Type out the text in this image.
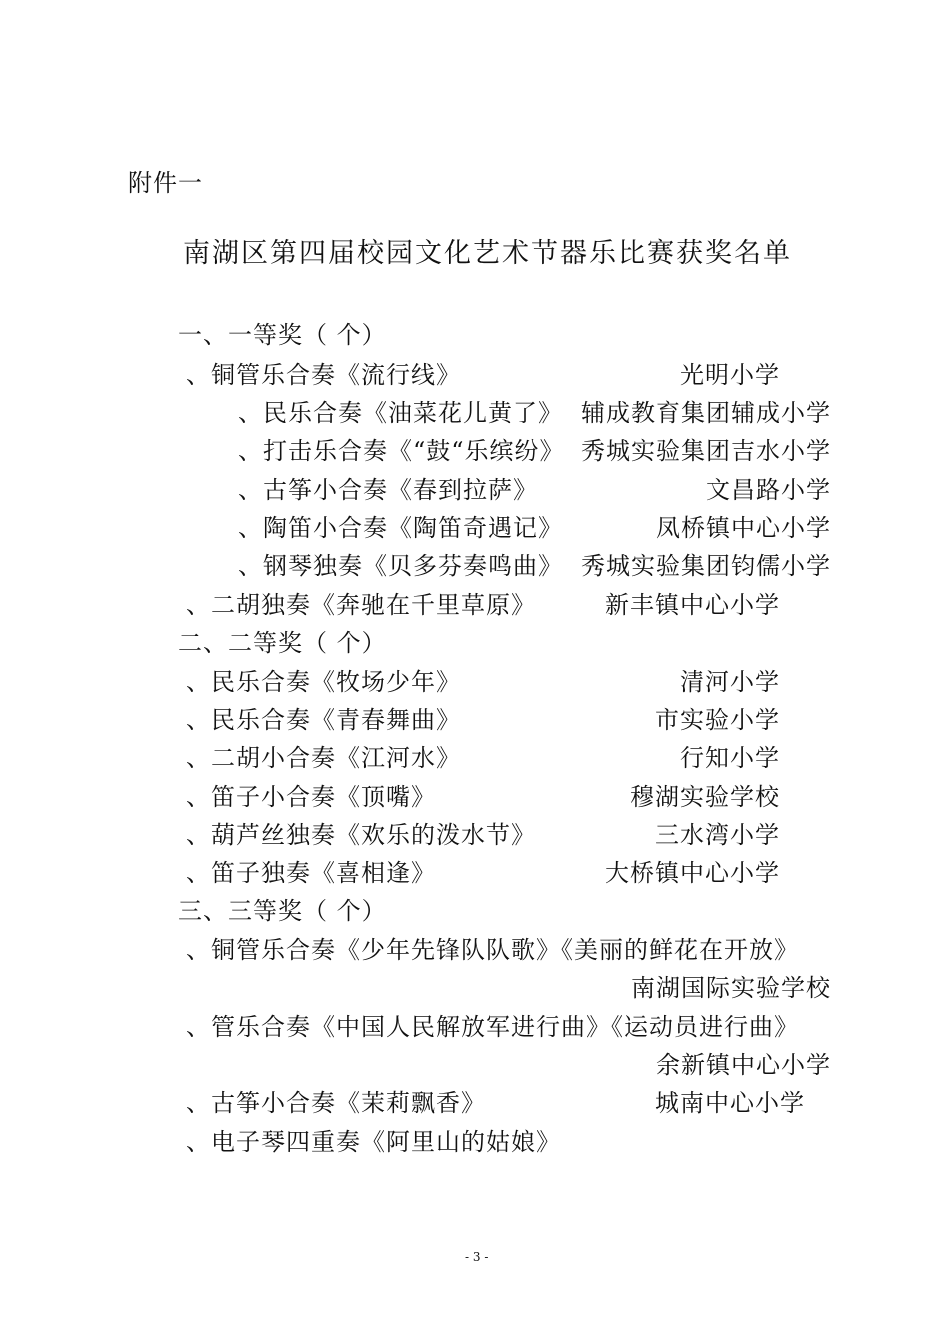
附件一
南湖区第四届校园文化艺术节器乐比赛获奖名单
一、一等奖（ 个）
、铜管乐合奏《流行线》	光明小学
、民乐合奏《油菜花儿黄了》 辅成教育集团辅成小学
、打击乐合奏《“鼓“乐缤纷》 秀城实验集团吉水小学
、古筝小合奏《春到拉萨》	文昌路小学
、陶笛小合奏《陶笛奇遇记》	凤桥镇中心小学
、钢琴独奏《贝多芬奏鸣曲》 秀城实验集团钧儒小学
、二胡独奏《奔驰在千里草原》	新丰镇中心小学
二、二等奖（ 个）
、民乐合奏《牧场少年》	清河小学
、民乐合奏《青春舞曲》	市实验小学
、二胡小合奏《江河水》	行知小学
、笛子小合奏《顶嘴》	穆湖实验学校
、葫芦丝独奏《欢乐的泼水节》	三水湾小学
、笛子独奏《喜相逢》	大桥镇中心小学
三、三等奖（ 个）
、铜管乐合奏《少年先锋队队歌》《美丽的鲜花在开放》
南湖国际实验学校
、管乐合奏《中国人民解放军进行曲》《运动员进行曲》
余新镇中心小学
、古筝小合奏《茉莉飘香》	城南中心小学
、电子琴四重奏《阿里山的姑娘》
- 3 -
